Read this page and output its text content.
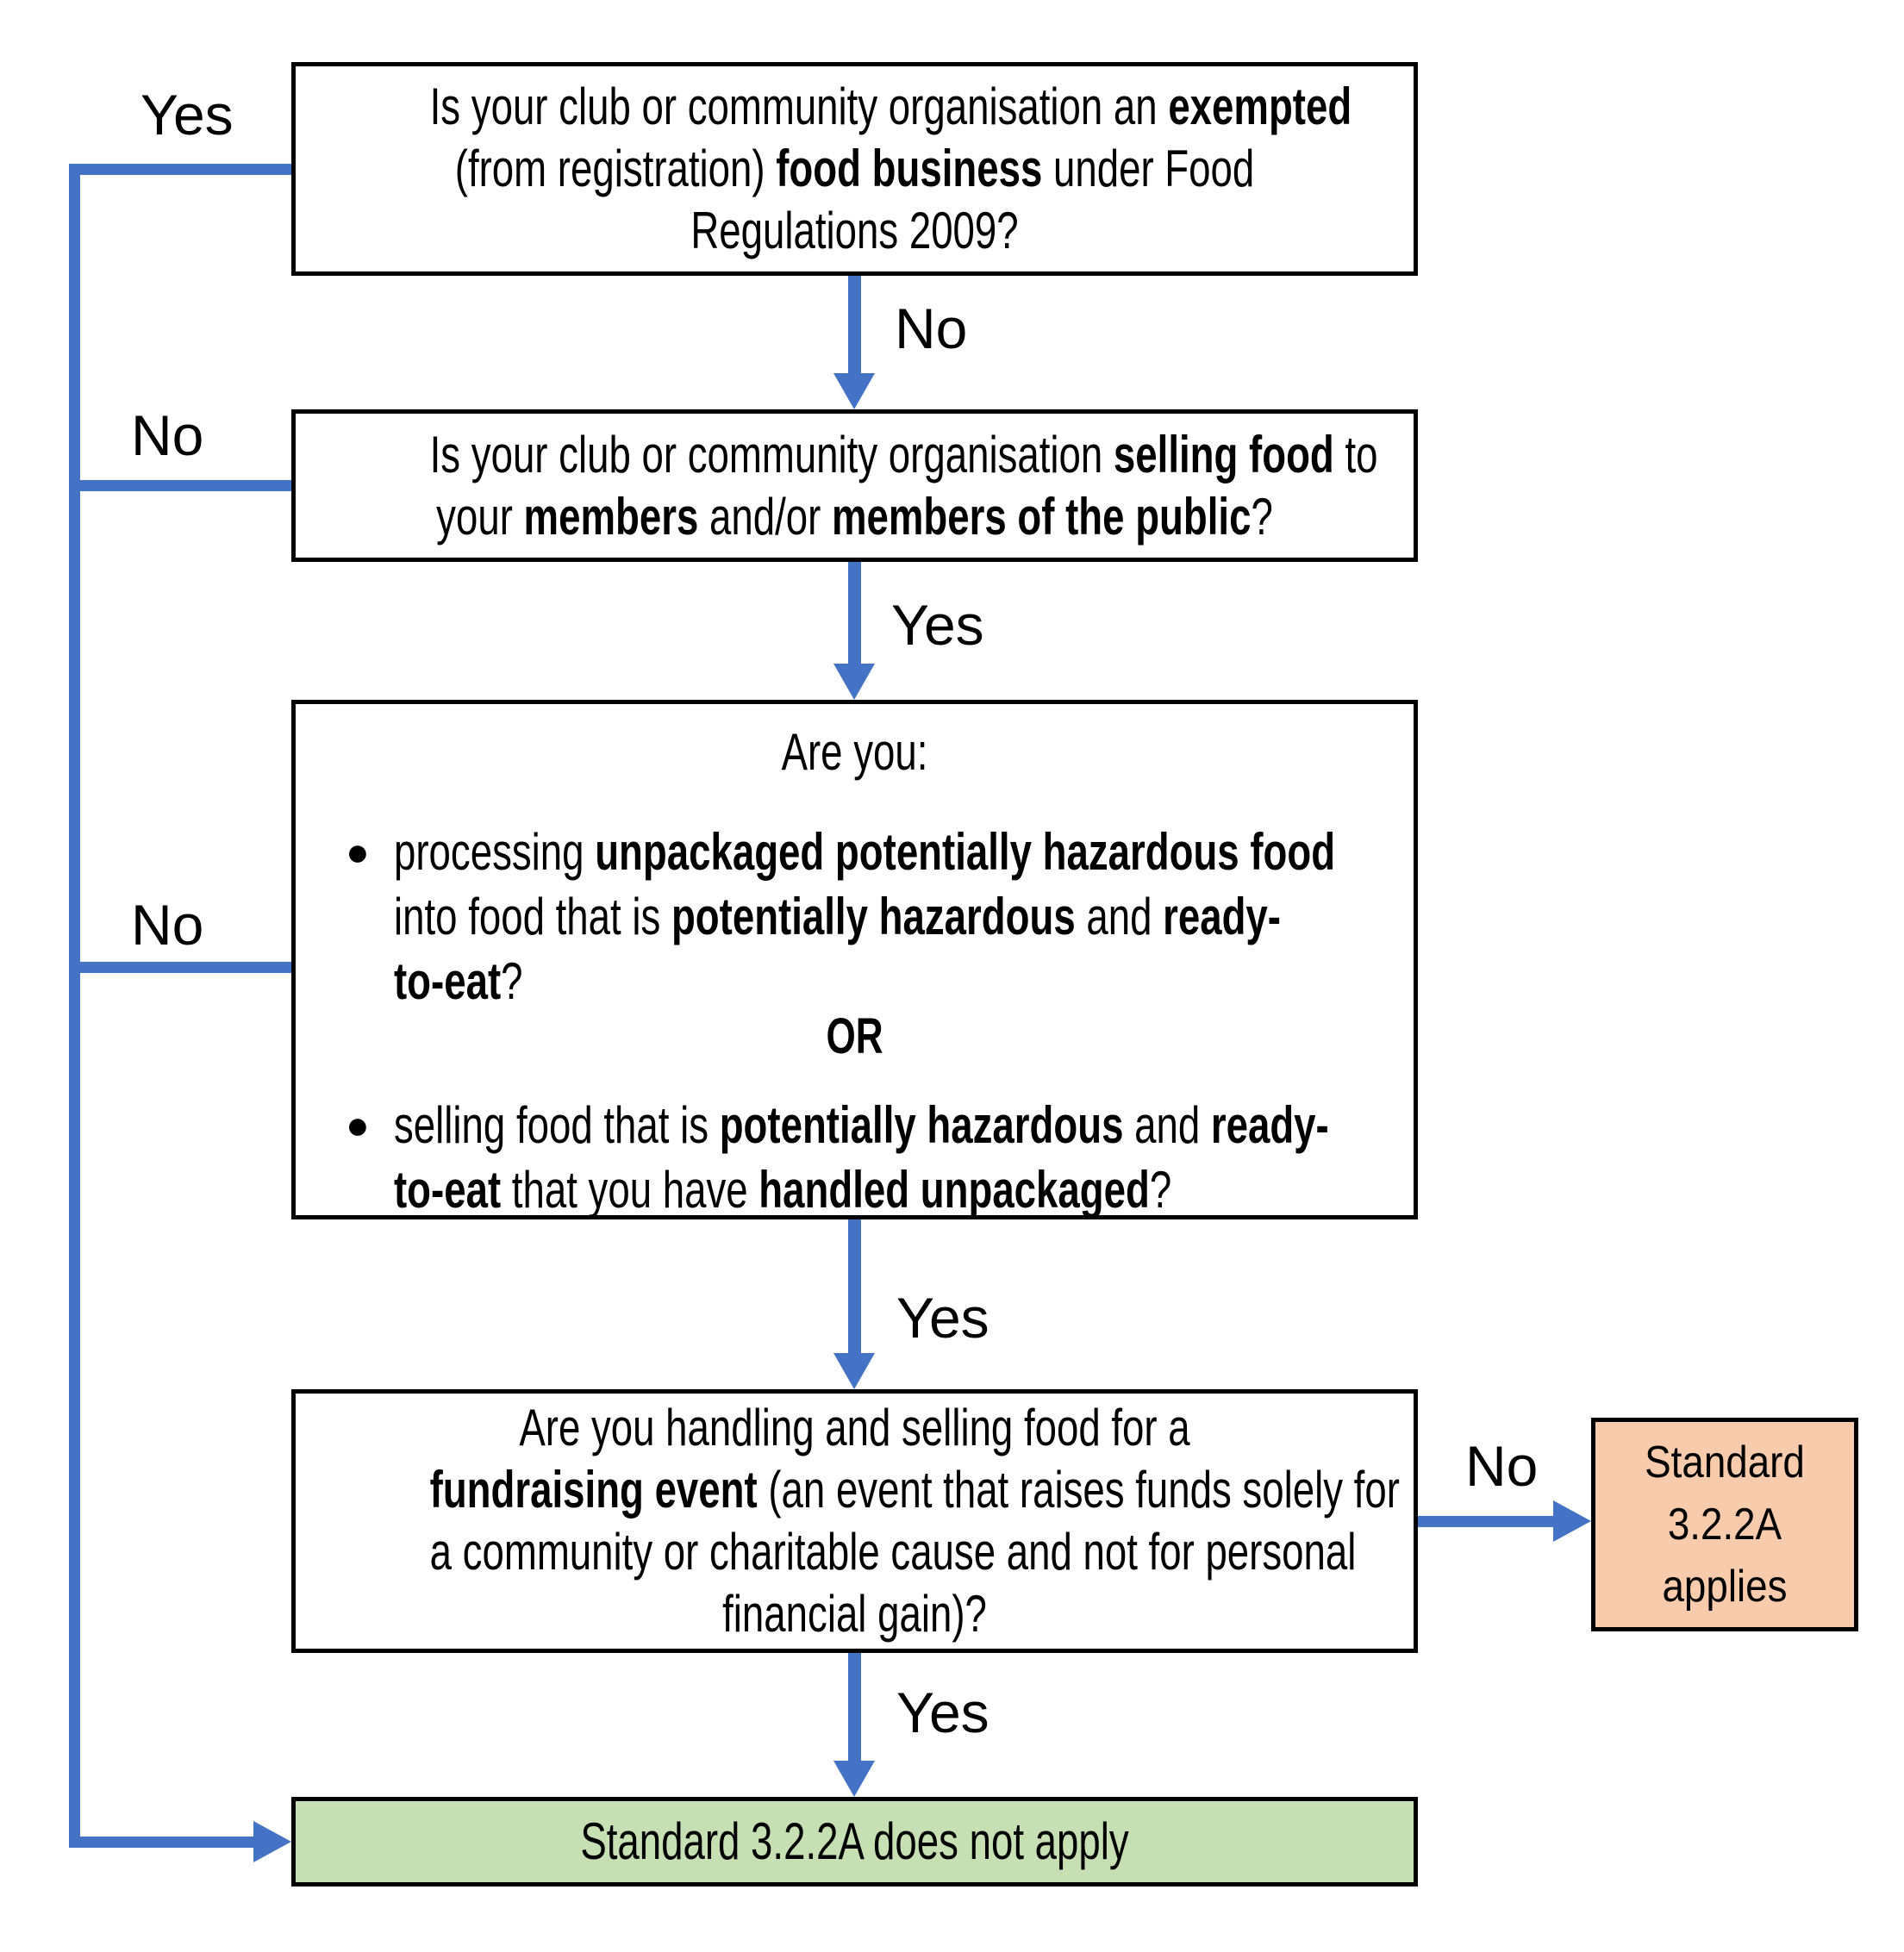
Yes
No
No
No
Yes
Yes
Yes
No
Is your club or community organisation an exempted
(from registration) food business under Food
Regulations 2009?
Is your club or community organisation selling food to
your members and/or members of the public?
Are you:
● processing unpackaged potentially hazardous food
into food that is potentially hazardous and ready-
to-eat?
OR
● selling food that is potentially hazardous and ready-
to-eat that you have handled unpackaged?
Are you handling and selling food for a
fundraising event (an event that raises funds solely for
a community or charitable cause and not for personal
financial gain)?
Standard
3.2.2A
applies
Standard 3.2.2A does not apply
